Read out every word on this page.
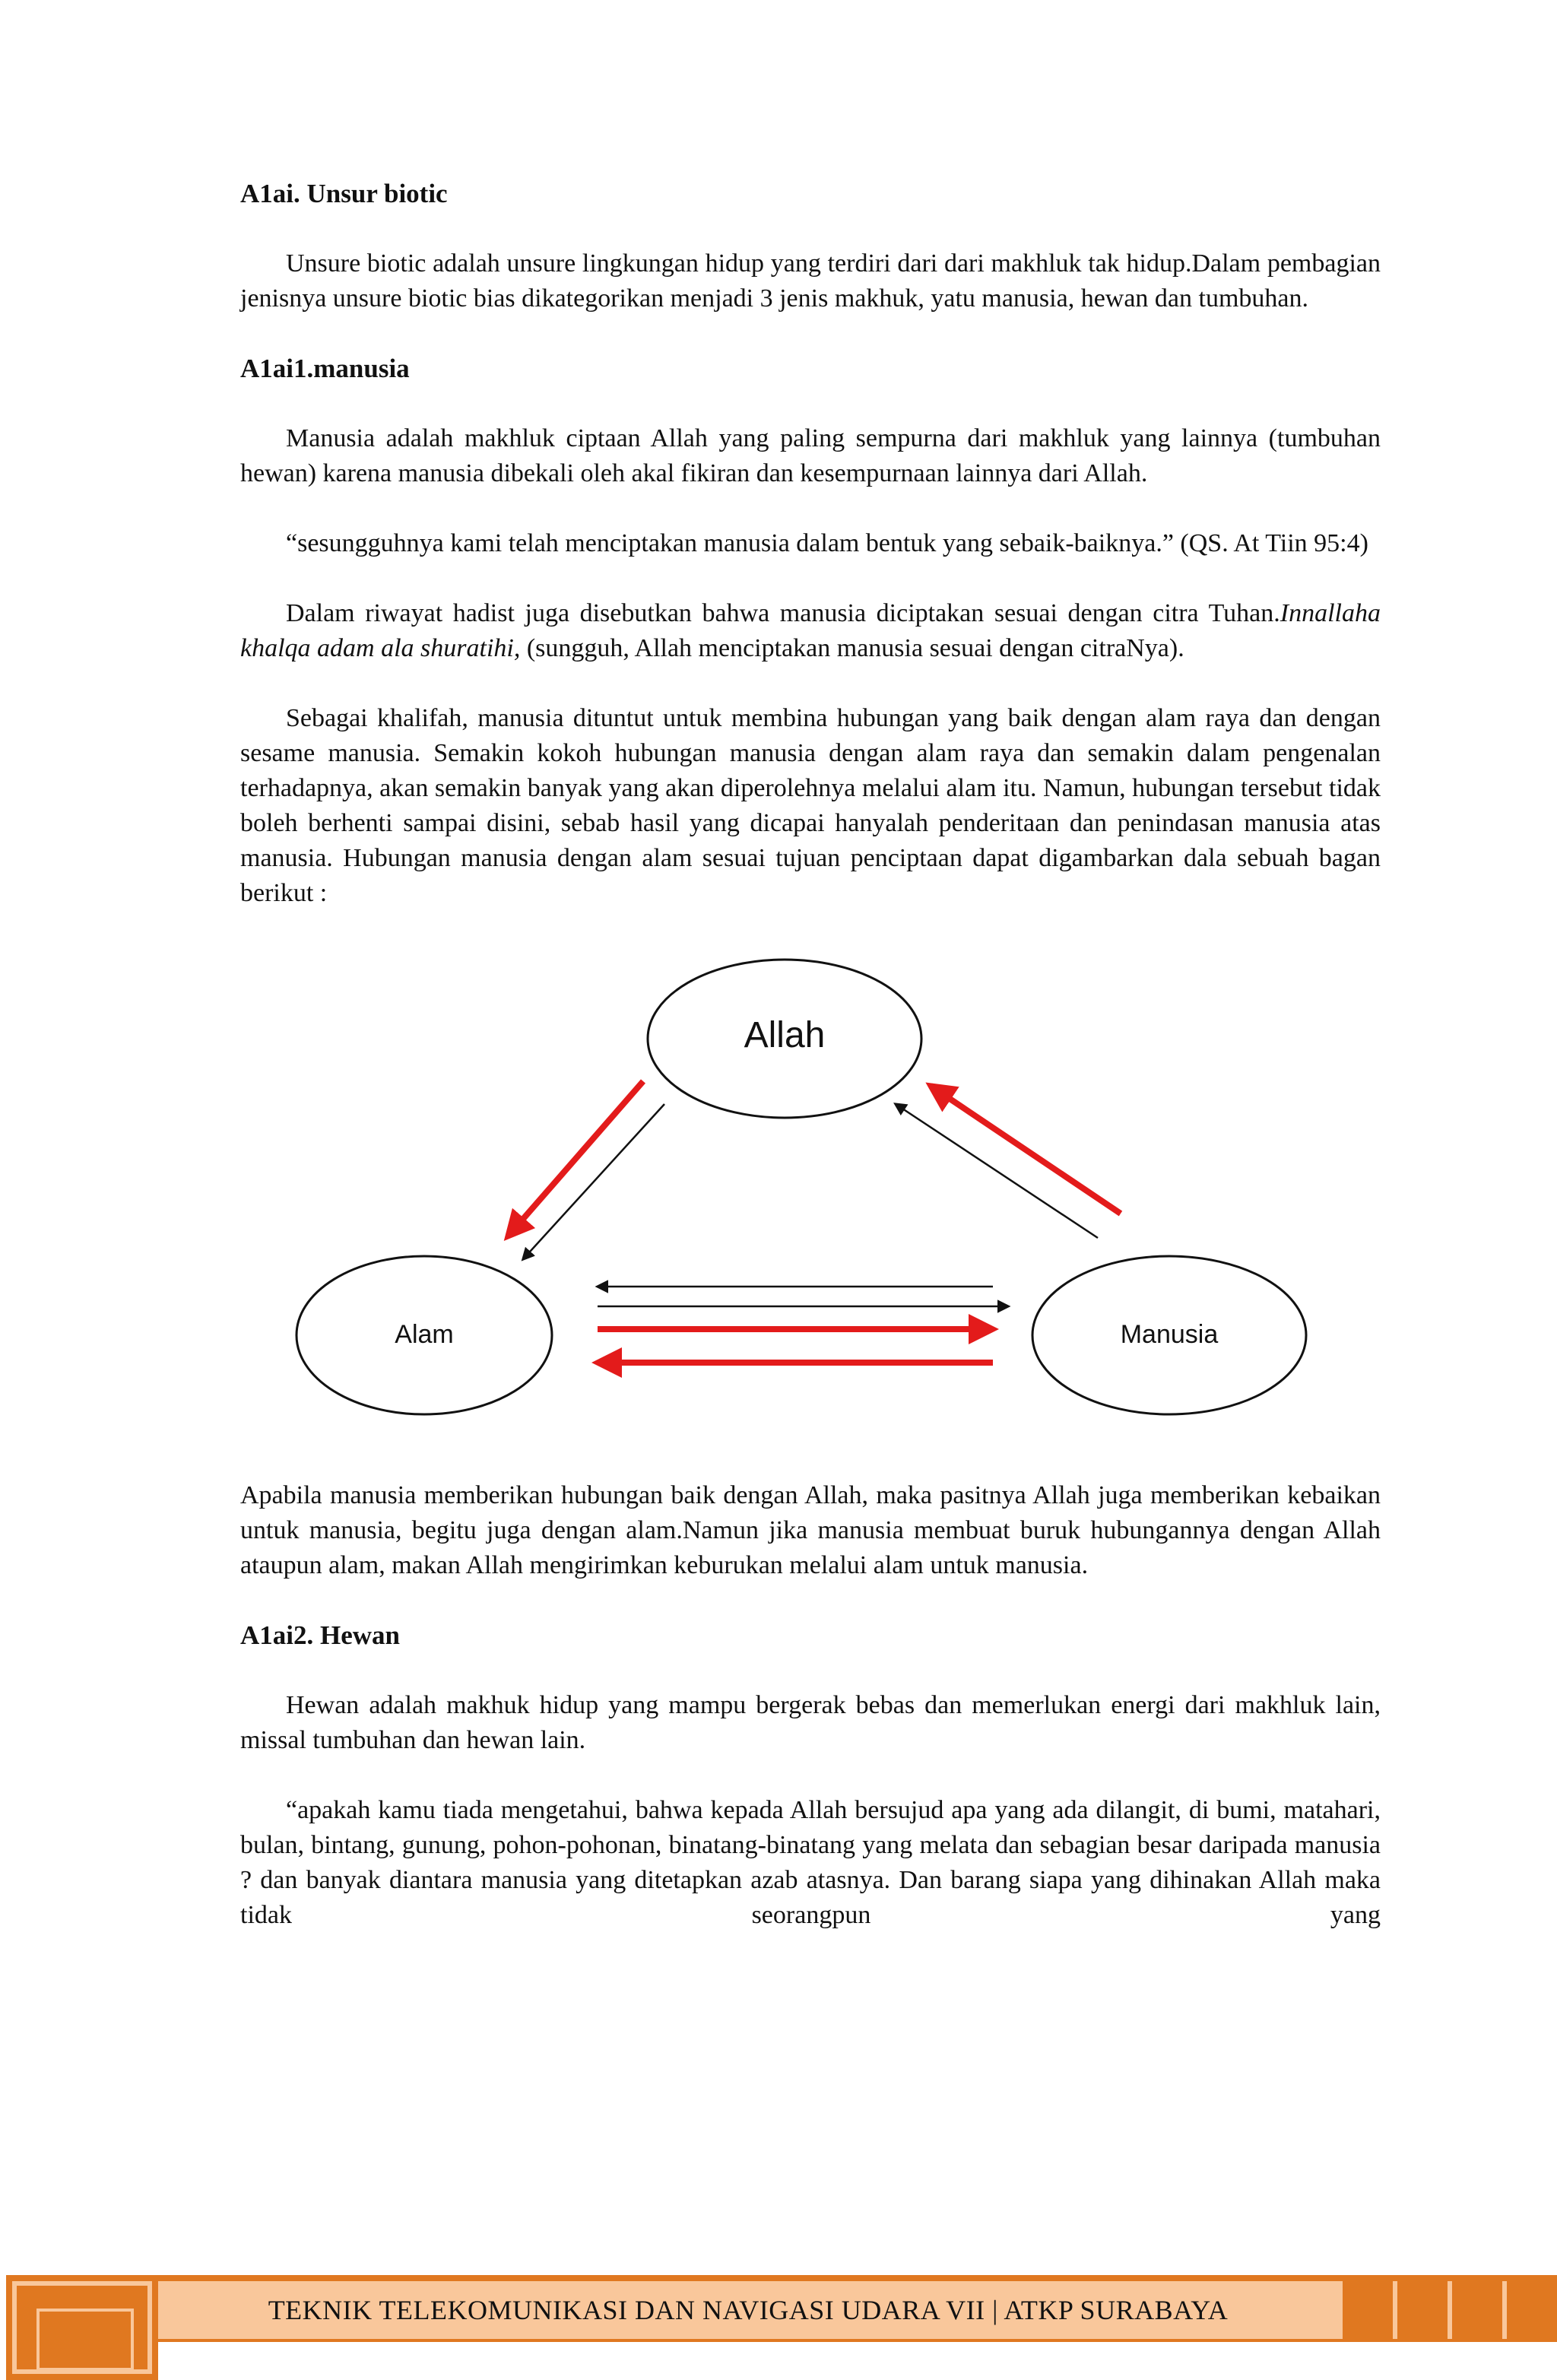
A1ai. Unsur biotic

Unsure biotic adalah unsure lingkungan hidup yang terdiri dari dari makhluk tak hidup.Dalam pembagian jenisnya unsure biotic bias dikategorikan menjadi 3 jenis makhuk, yatu manusia, hewan dan tumbuhan.

A1ai1.manusia

Manusia adalah makhluk ciptaan Allah yang paling sempurna dari makhluk yang lainnya (tumbuhan hewan) karena manusia dibekali oleh akal fikiran dan kesempurnaan lainnya dari Allah.

“sesungguhnya kami telah menciptakan manusia dalam bentuk yang sebaik-baiknya.” (QS. At Tiin 95:4)

Dalam riwayat hadist juga disebutkan bahwa manusia diciptakan sesuai dengan citra Tuhan.Innallaha khalqa adam ala shuratihi, (sungguh, Allah menciptakan manusia sesuai dengan citraNya).

Sebagai khalifah, manusia dituntut untuk membina hubungan yang baik dengan alam raya dan dengan sesame manusia. Semakin kokoh hubungan manusia dengan alam raya dan semakin dalam pengenalan terhadapnya, akan semakin banyak yang akan diperolehnya melalui alam itu. Namun, hubungan tersebut tidak boleh berhenti sampai disini, sebab hasil yang dicapai hanyalah penderitaan dan penindasan manusia atas manusia. Hubungan manusia dengan alam sesuai tujuan penciptaan dapat digambarkan dala sebuah bagan berikut :

Allah
Alam	Manusia

Apabila manusia memberikan hubungan baik dengan Allah, maka pasitnya Allah juga memberikan kebaikan untuk manusia, begitu juga dengan alam.Namun jika manusia membuat buruk hubungannya dengan Allah ataupun alam, makan Allah mengirimkan keburukan melalui alam untuk manusia.

A1ai2. Hewan

Hewan adalah makhuk hidup yang mampu bergerak bebas dan memerlukan energi dari makhluk lain, missal tumbuhan dan hewan lain.

“apakah kamu tiada mengetahui, bahwa kepada Allah bersujud apa yang ada dilangit, di bumi, matahari, bulan, bintang, gunung, pohon-pohonan, binatang-binatang yang melata dan sebagian besar daripada manusia ? dan banyak diantara manusia yang ditetapkan azab atasnya. Dan barang siapa yang dihinakan Allah maka tidak seorangpun yang

TEKNIK TELEKOMUNIKASI DAN NAVIGASI UDARA VII | ATKP SURABAYA
